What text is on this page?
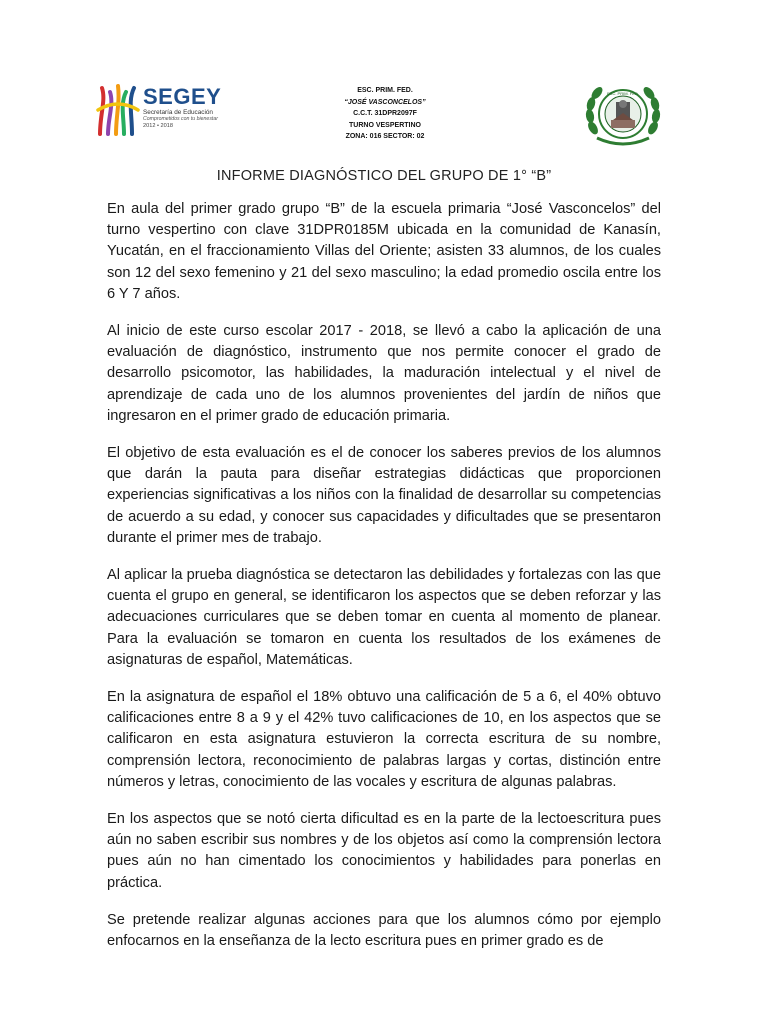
SEGEY
Secretaría de Educación
Comprometidos con tu bienestar
2012 • 2018
ESC. PRIM. FED.
“JOSÉ VASCONCELOS”
C.C.T. 31DPR2097F
TURNO VESPERTINO
ZONA: 016 SECTOR: 02
ESC. PRIM. FED.
INFORME DIAGNÓSTICO DEL GRUPO DE 1° “B”

En aula del primer grado grupo “B” de la escuela primaria “José Vasconcelos” del turno vespertino con clave 31DPR0185M ubicada en la comunidad de Kanasín, Yucatán, en el fraccionamiento Villas del Oriente; asisten 33 alumnos, de los cuales son 12 del sexo femenino y 21 del sexo masculino; la edad promedio oscila entre los 6 Y 7 años.

Al inicio de este curso escolar 2017 - 2018, se llevó a cabo la aplicación de una evaluación de diagnóstico, instrumento que nos permite conocer el grado de desarrollo psicomotor, las habilidades, la maduración intelectual y el nivel de aprendizaje de cada uno de los alumnos provenientes del jardín de niños que ingresaron en el primer grado de educación primaria.

El objetivo de esta evaluación es el de conocer los saberes previos de los alumnos que darán la pauta para diseñar estrategias didácticas que proporcionen experiencias significativas a los niños con la finalidad de desarrollar su competencias de acuerdo a su edad, y conocer sus capacidades y dificultades que se presentaron durante el primer mes de trabajo.

Al aplicar la prueba diagnóstica se detectaron las debilidades y fortalezas con las que cuenta el grupo en general, se identificaron los aspectos que se deben reforzar y las adecuaciones curriculares que se deben tomar en cuenta al momento de planear. Para la evaluación se tomaron en cuenta los resultados de los exámenes de asignaturas de español, Matemáticas.

En la asignatura de español el 18% obtuvo una calificación de 5 a 6, el 40% obtuvo calificaciones entre 8 a 9 y el 42% tuvo calificaciones de 10, en los aspectos que se calificaron en esta asignatura estuvieron la correcta escritura de su nombre, comprensión lectora, reconocimiento de palabras largas y cortas, distinción entre números y letras, conocimiento de las vocales y escritura de algunas palabras.

En los aspectos que se notó cierta dificultad es en la parte de la lectoescritura pues aún no saben escribir sus nombres y de los objetos así como la comprensión lectora pues aún no han cimentado los conocimientos y habilidades para ponerlas en práctica.

Se pretende realizar algunas acciones para que los alumnos cómo por ejemplo enfocarnos en la enseñanza de la lecto escritura pues en primer grado es de
